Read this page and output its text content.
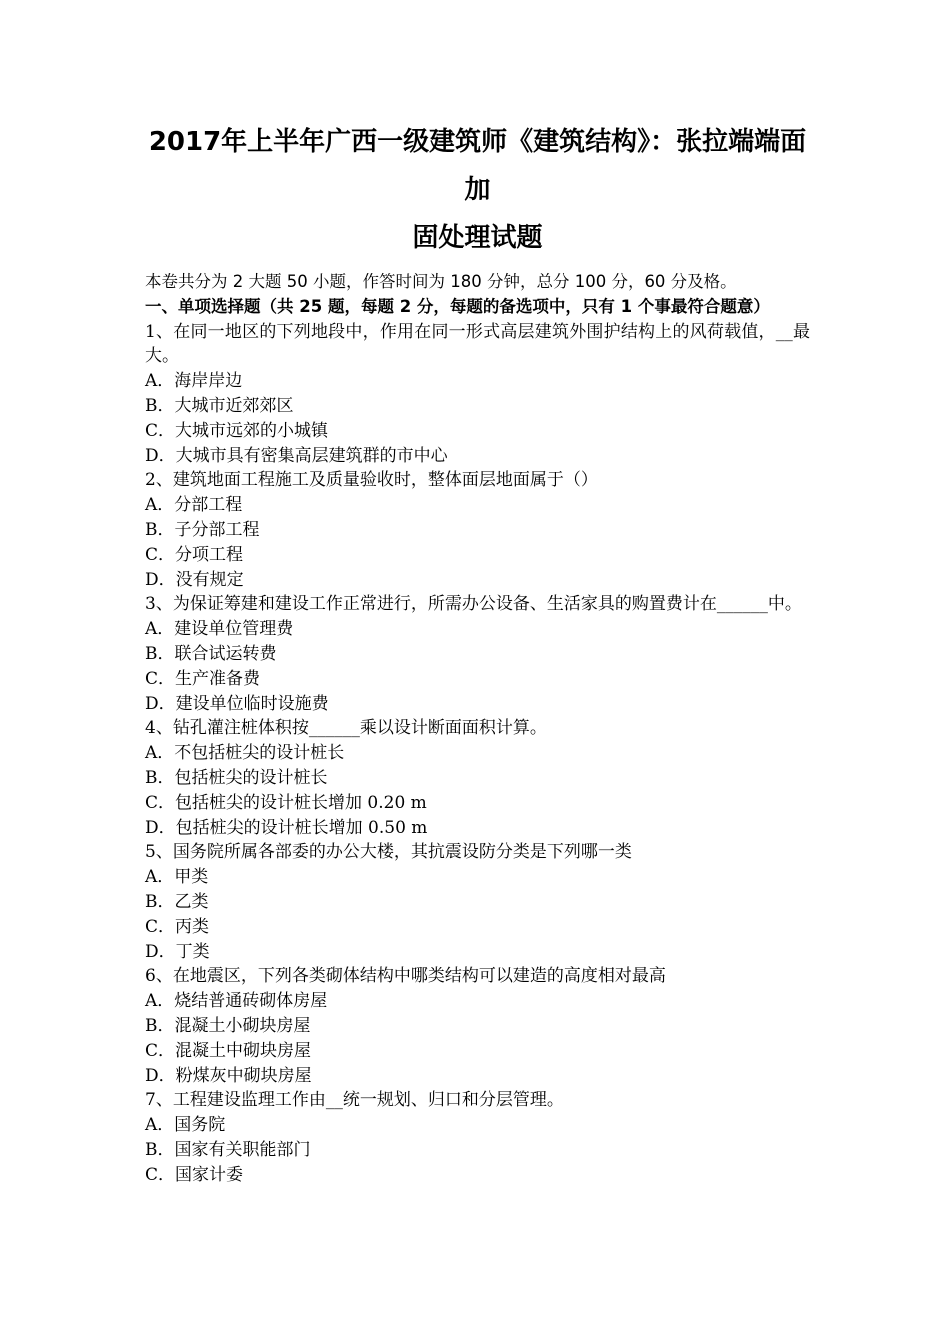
2017年上半年广西一级建筑师《建筑结构》：张拉端端面加
固处理试题

本卷共分为 2 大题 50 小题，作答时间为 180 分钟，总分 100 分，60 分及格。

一、单项选择题（共 25 题，每题 2 分，每题的备选项中，只有 1 个事最符合题意）

1、在同一地区的下列地段中，作用在同一形式高层建筑外围护结构上的风荷载值，__最大。

A．海岸岸边

B．大城市近郊郊区

C．大城市远郊的小城镇

D．大城市具有密集高层建筑群的市中心

2、建筑地面工程施工及质量验收时，整体面层地面属于（）

A．分部工程

B．子分部工程

C．分项工程

D．没有规定

3、为保证筹建和建设工作正常进行，所需办公设备、生活家具的购置费计在______中。

A．建设单位管理费

B．联合试运转费

C．生产准备费

D．建设单位临时设施费

4、钻孔灌注桩体积按______乘以设计断面面积计算。

A．不包括桩尖的设计桩长

B．包括桩尖的设计桩长

C．包括桩尖的设计桩长增加 0.20 m

D．包括桩尖的设计桩长增加 0.50 m

5、国务院所属各部委的办公大楼，其抗震设防分类是下列哪一类

A．甲类

B．乙类

C．丙类

D．丁类

6、在地震区，下列各类砌体结构中哪类结构可以建造的高度相对最高

A．烧结普通砖砌体房屋

B．混凝土小砌块房屋

C．混凝土中砌块房屋

D．粉煤灰中砌块房屋

7、工程建设监理工作由__统一规划、归口和分层管理。

A．国务院

B．国家有关职能部门

C．国家计委
